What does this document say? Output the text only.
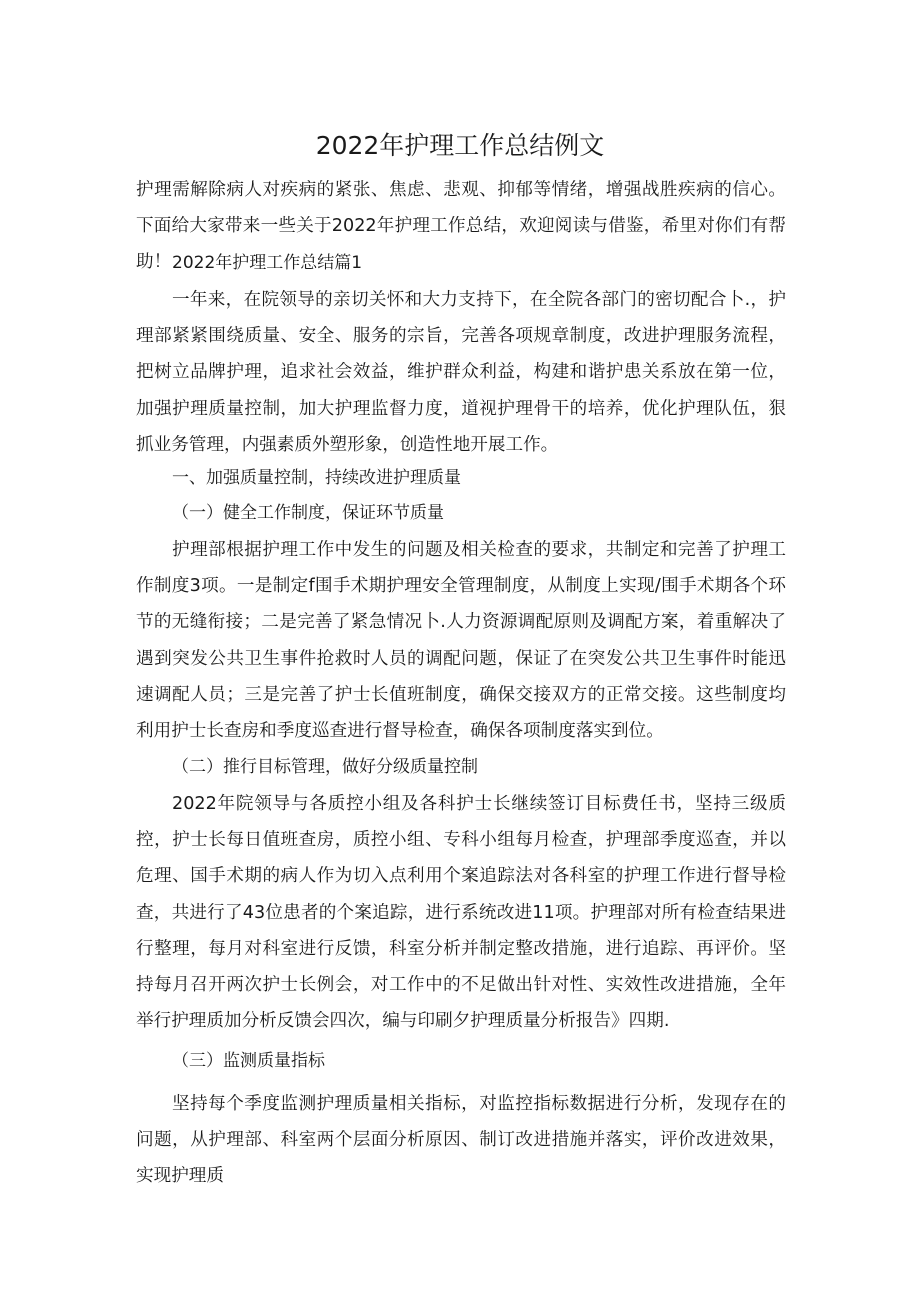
2022年护理工作总结例文

护理需解除病人对疾病的紧张、焦虑、悲观、抑郁等情绪，增强战胜疾病的信心。下面给大家带来一些关于2022年护理工作总结，欢迎阅读与借鉴，希里对你们有帮助！ 2022年护理工作总结篇1

一年来，在院领导的亲切关怀和大力支持下，在全院各部门的密切配合卜.，护理部紧紧围绕质量、安全、服务的宗旨，完善各项规章制度，改进护理服务流程，把树立品牌护理，追求社会效益，维护群众利益，构建和谐护患关系放在第一位，加强护理质量控制，加大护理监督力度，道视护理骨干的培养，优化护理队伍，狠抓业务管理，内强素质外塑形象，创造性地开展工作。

一、加强质量控制，持续改进护理质量
（一）健全工作制度，保证环节质量

护理部根据护理工作中发生的问题及相关检查的要求，共制定和完善了护理工作制度3项。一是制定f围手术期护理安全管理制度，从制度上实现/围手术期各个环节的无缝衔接；二是完善了紧急情况卜.人力资源调配原则及调配方案，着重解决了遇到突发公共卫生事件抢救时人员的调配问题，保证了在突发公共卫生事件时能迅速调配人员；三是完善了护士长值班制度，确保交接双方的正常交接。这些制度均利用护士长查房和季度巡查进行督导检查，确保各项制度落实到位。

（二）推行目标管理，做好分级质量控制

2022年院领导与各质控小组及各科护士长继续签订目标费任书，坚持三级质控，护士长每日值班查房，质控小组、专科小组每月检查，护理部季度巡查，并以危理、国手术期的病人作为切入点利用个案追踪法对各科室的护理工作进行督导检查，共进行了43位患者的个案追踪，进行系统改进11项。护理部对所有检查结果进行整理，每月对科室进行反馈，科室分析并制定整改措施，进行追踪、再评价。坚持每月召开两次护士长例会，对工作中的不足做出针对性、实效性改进措施，全年举行护理质加分析反馈会四次，编与印刷夕护理质量分析报告》四期.

（三）监测质量指标

坚持每个季度监测护理质量相关指标，对监控指标数据进行分析，发现存在的问题，从护理部、科室两个层面分析原因、制订改进措施并落实，评价改进效果，实现护理质
